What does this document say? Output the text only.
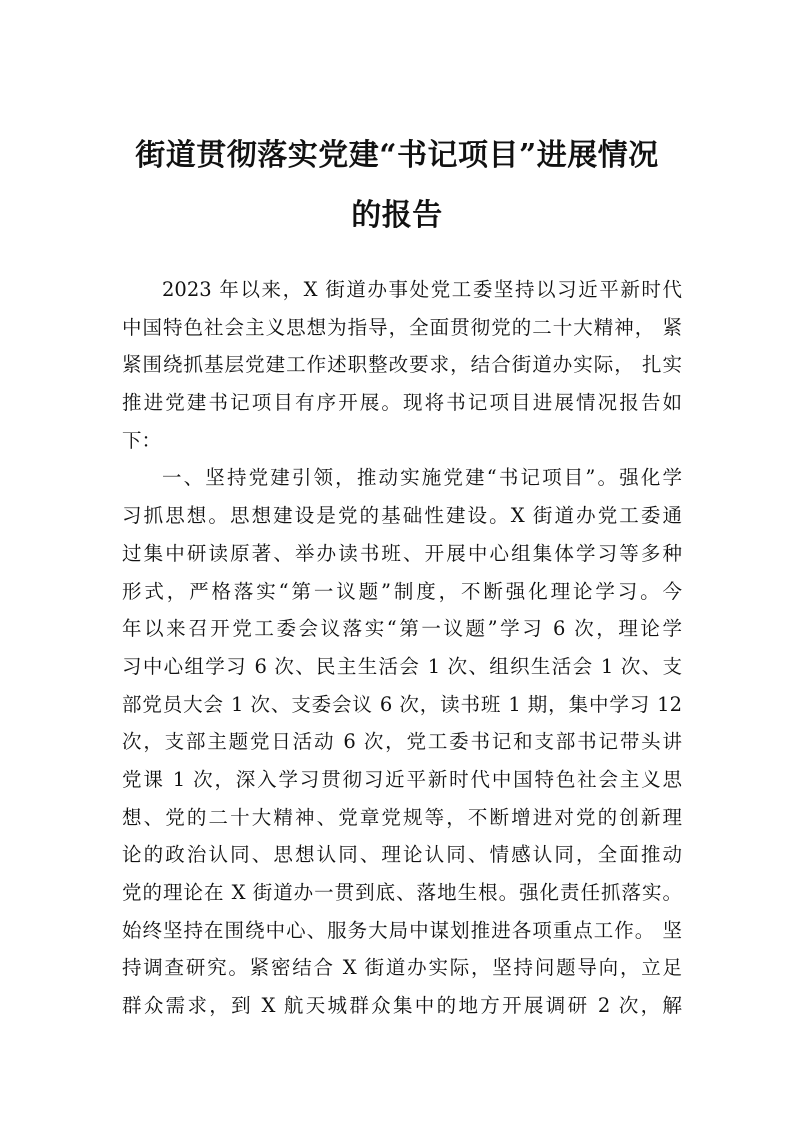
街道贯彻落实党建“书记项目”进展情况
的报告
2023 年以来，X 街道办事处党工委坚持以习近平新时代
中国特色社会主义思想为指导，全面贯彻党的二十大精神， 紧
紧围绕抓基层党建工作述职整改要求，结合街道办实际， 扎实
推进党建书记项目有序开展。现将书记项目进展情况报告如
下：
一、坚持党建引领，推动实施党建“书记项目”。强化学
习抓思想。思想建设是党的基础性建设。X 街道办党工委通
过集中研读原著、举办读书班、开展中心组集体学习等多种
形式，严格落实“第一议题”制度，不断强化理论学习。今
年以来召开党工委会议落实“第一议题”学习 6 次，理论学
习中心组学习 6 次、民主生活会 1 次、组织生活会 1 次、支
部党员大会 1 次、支委会议 6 次，读书班 1 期，集中学习 12
次，支部主题党日活动 6 次，党工委书记和支部书记带头讲
党课 1 次，深入学习贯彻习近平新时代中国特色社会主义思
想、党的二十大精神、党章党规等，不断增进对党的创新理
论的政治认同、思想认同、理论认同、情感认同，全面推动
党的理论在 X 街道办一贯到底、落地生根。强化责任抓落实。
始终坚持在围绕中心、服务大局中谋划推进各项重点工作。 坚
持调查研究。紧密结合 X 街道办实际，坚持问题导向，立足
群众需求，到 X 航天城群众集中的地方开展调研 2 次，解
